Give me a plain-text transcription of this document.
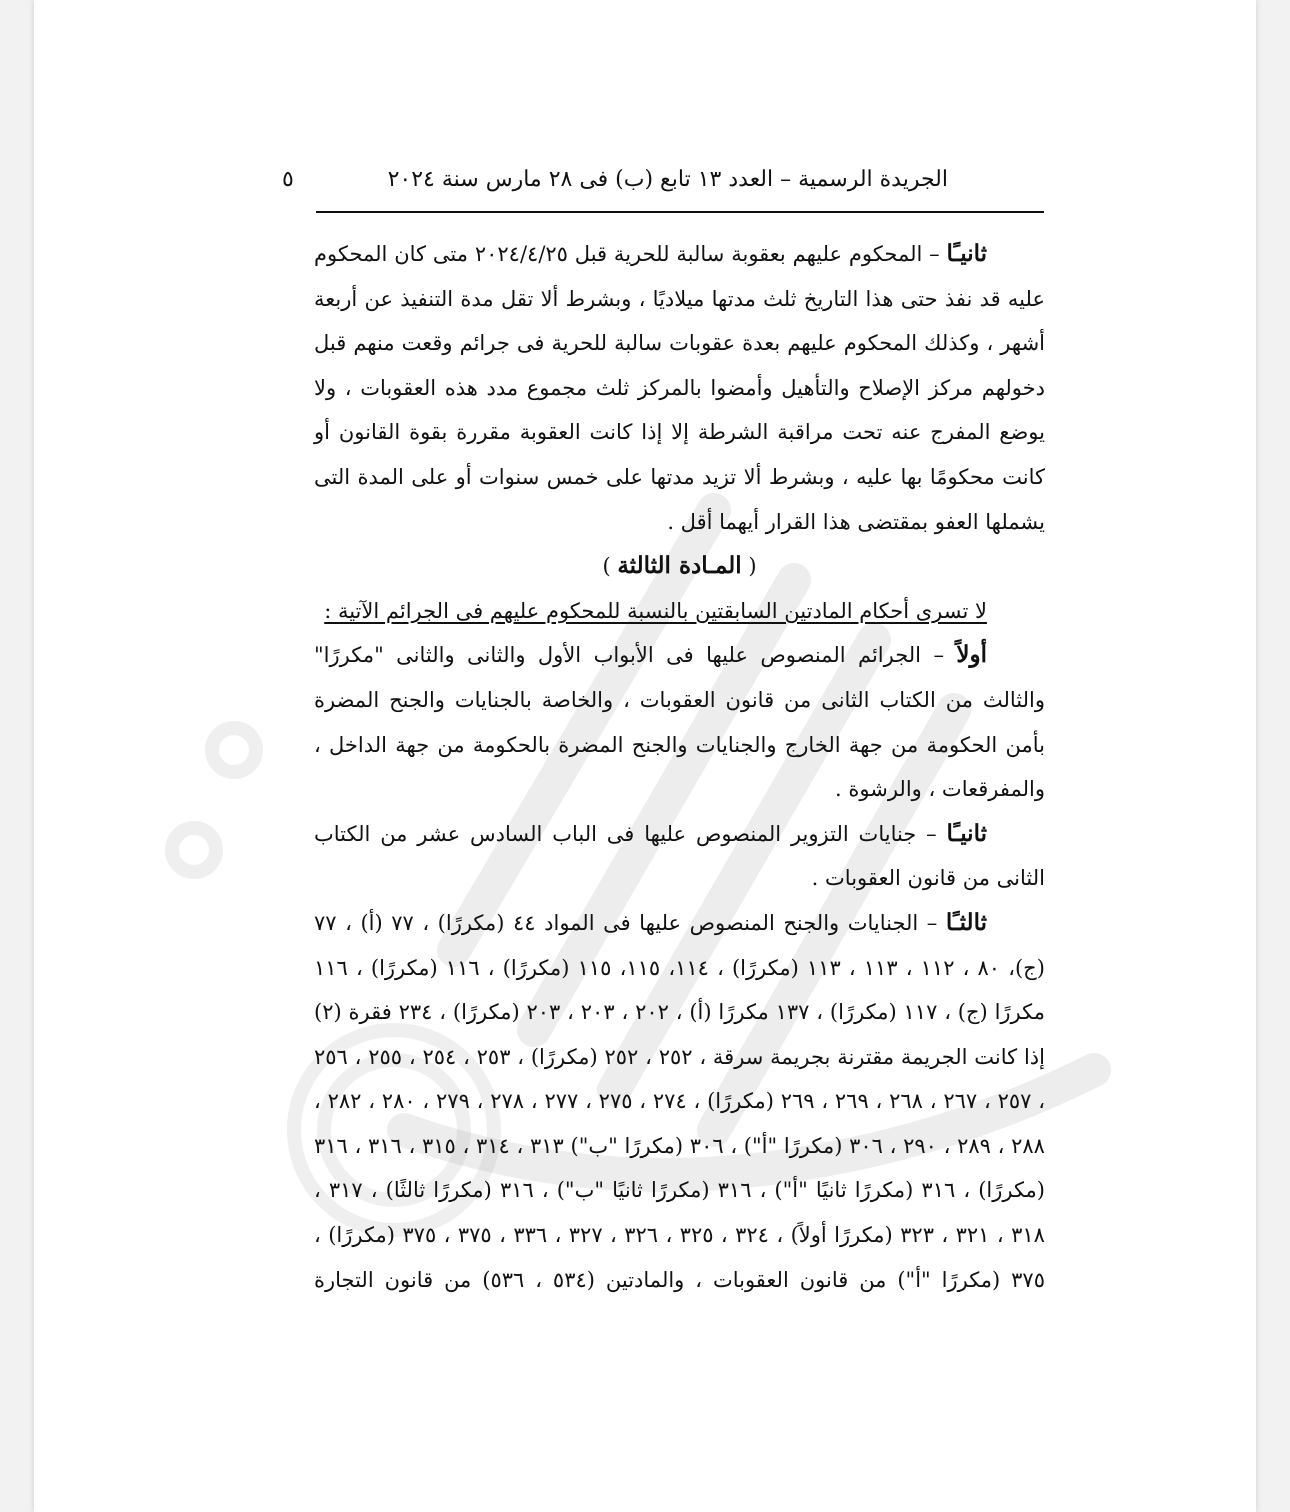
الجريدة الرسمية – العدد ١٣ تابع (ب) فى ٢٨ مارس سنة ٢٠٢٤
٥

ثانيـًا – المحكوم عليهم بعقوبة سالبة للحرية قبل ٢٠٢٤/٤/٢٥ متى كان المحكوم عليه قد نفذ حتى هذا التاريخ ثلث مدتها ميلاديًا ، وبشرط ألا تقل مدة التنفيذ عن أربعة أشهر ، وكذلك المحكوم عليهم بعدة عقوبات سالبة للحرية فى جرائم وقعت منهم قبل دخولهم مركز الإصلاح والتأهيل وأمضوا بالمركز ثلث مجموع مدد هذه العقوبات ، ولا يوضع المفرج عنه تحت مراقبة الشرطة إلا إذا كانت العقوبة مقررة بقوة القانون أو كانت محكومًا بها عليه ، وبشرط ألا تزيد مدتها على خمس سنوات أو على المدة التى يشملها العفو بمقتضى هذا القرار أيهما أقل .

( المـادة الثالثة )

لا تسرى أحكام المادتين السابقتين بالنسبة للمحكوم عليهم فى الجرائم الآتية :

أولاً – الجرائم المنصوص عليها فى الأبواب الأول والثانى والثانى "مكررًا" والثالث من الكتاب الثانى من قانون العقوبات ، والخاصة بالجنايات والجنح المضرة بأمن الحكومة من جهة الخارج والجنايات والجنح المضرة بالحكومة من جهة الداخل ، والمفرقعات ، والرشوة .

ثانيـًا – جنايات التزوير المنصوص عليها فى الباب السادس عشر من الكتاب الثانى من قانون العقوبات .

ثالثـًا – الجنايات والجنح المنصوص عليها فى المواد ٤٤ (مكررًا) ، ٧٧ (أ) ، ٧٧ (ج)، ٨٠ ، ١١٢ ، ١١٣ ، ١١٣ (مكررًا) ، ١١٤، ١١٥، ١١٥ (مكررًا) ، ١١٦ (مكررًا) ، ١١٦ مكررًا (ج) ، ١١٧ (مكررًا) ، ١٣٧ مكررًا (أ) ، ٢٠٢ ، ٢٠٣ ، ٢٠٣ (مكررًا) ، ٢٣٤ فقرة (٢) إذا كانت الجريمة مقترنة بجريمة سرقة ، ٢٥٢ ، ٢٥٢ (مكررًا) ، ٢٥٣ ، ٢٥٤ ، ٢٥٥ ، ٢٥٦ ، ٢٥٧ ، ٢٦٧ ، ٢٦٨ ، ٢٦٩ ، ٢٦٩ (مكررًا) ، ٢٧٤ ، ٢٧٥ ، ٢٧٧ ، ٢٧٨ ، ٢٧٩ ، ٢٨٠ ، ٢٨٢ ، ٢٨٨ ، ٢٨٩ ، ٢٩٠ ، ٣٠٦ (مكررًا "أ") ، ٣٠٦ (مكررًا "ب") ٣١٣ ، ٣١٤ ، ٣١٥ ، ٣١٦ ، ٣١٦ (مكررًا) ، ٣١٦ (مكررًا ثانيًا "أ") ، ٣١٦ (مكررًا ثانيًا "ب") ، ٣١٦ (مكررًا ثالثًا) ، ٣١٧ ، ٣١٨ ، ٣٢١ ، ٣٢٣ (مكررًا أولاً) ، ٣٢٤ ، ٣٢٥ ، ٣٢٦ ، ٣٢٧ ، ٣٣٦ ، ٣٧٥ ، ٣٧٥ (مكررًا) ، ٣٧٥ (مكررًا "أ") من قانون العقوبات ، والمادتين (٥٣٤ ، ٥٣٦) من قانون التجارة
